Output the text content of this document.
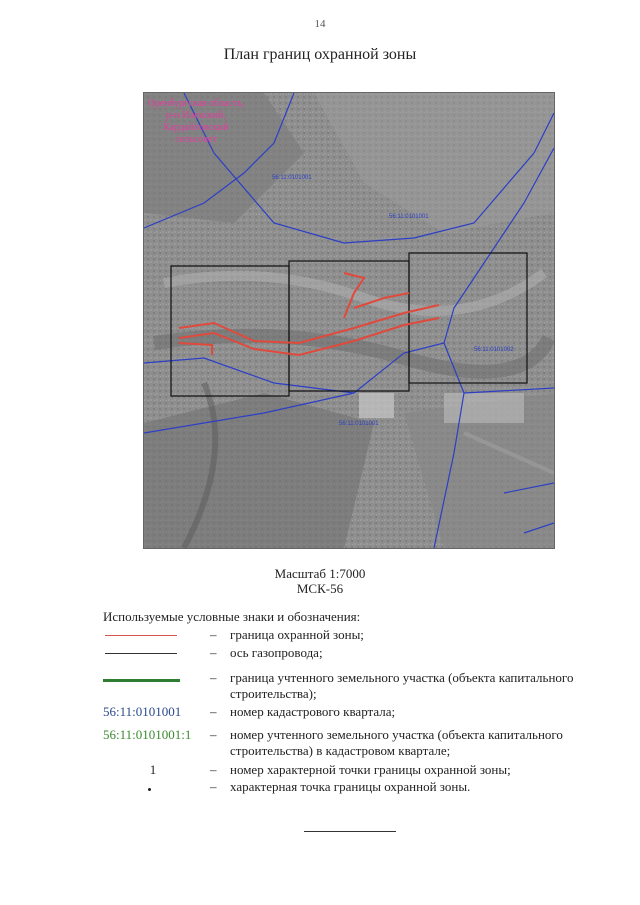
14
План границ охранной зоны
Оренбургская область,
р-н Илекский,
Кардайловский
сельсовет
56:11:0101001
56:11:0101001
56:11:0101002
56:11:0101001
Масштаб 1:7000
МСК-56
Используемые условные знаки и обозначения:
– граница охранной зоны;
– ось газопровода;
– граница учтенного земельного участка (объекта капитального строительства);
56:11:0101001 – номер кадастрового квартала;
56:11:0101001:1 – номер учтенного земельного участка (объекта капитального строительства) в кадастровом квартале;
1	– номер характерной точки границы охранной зоны;
– характерная точка границы охранной зоны.
